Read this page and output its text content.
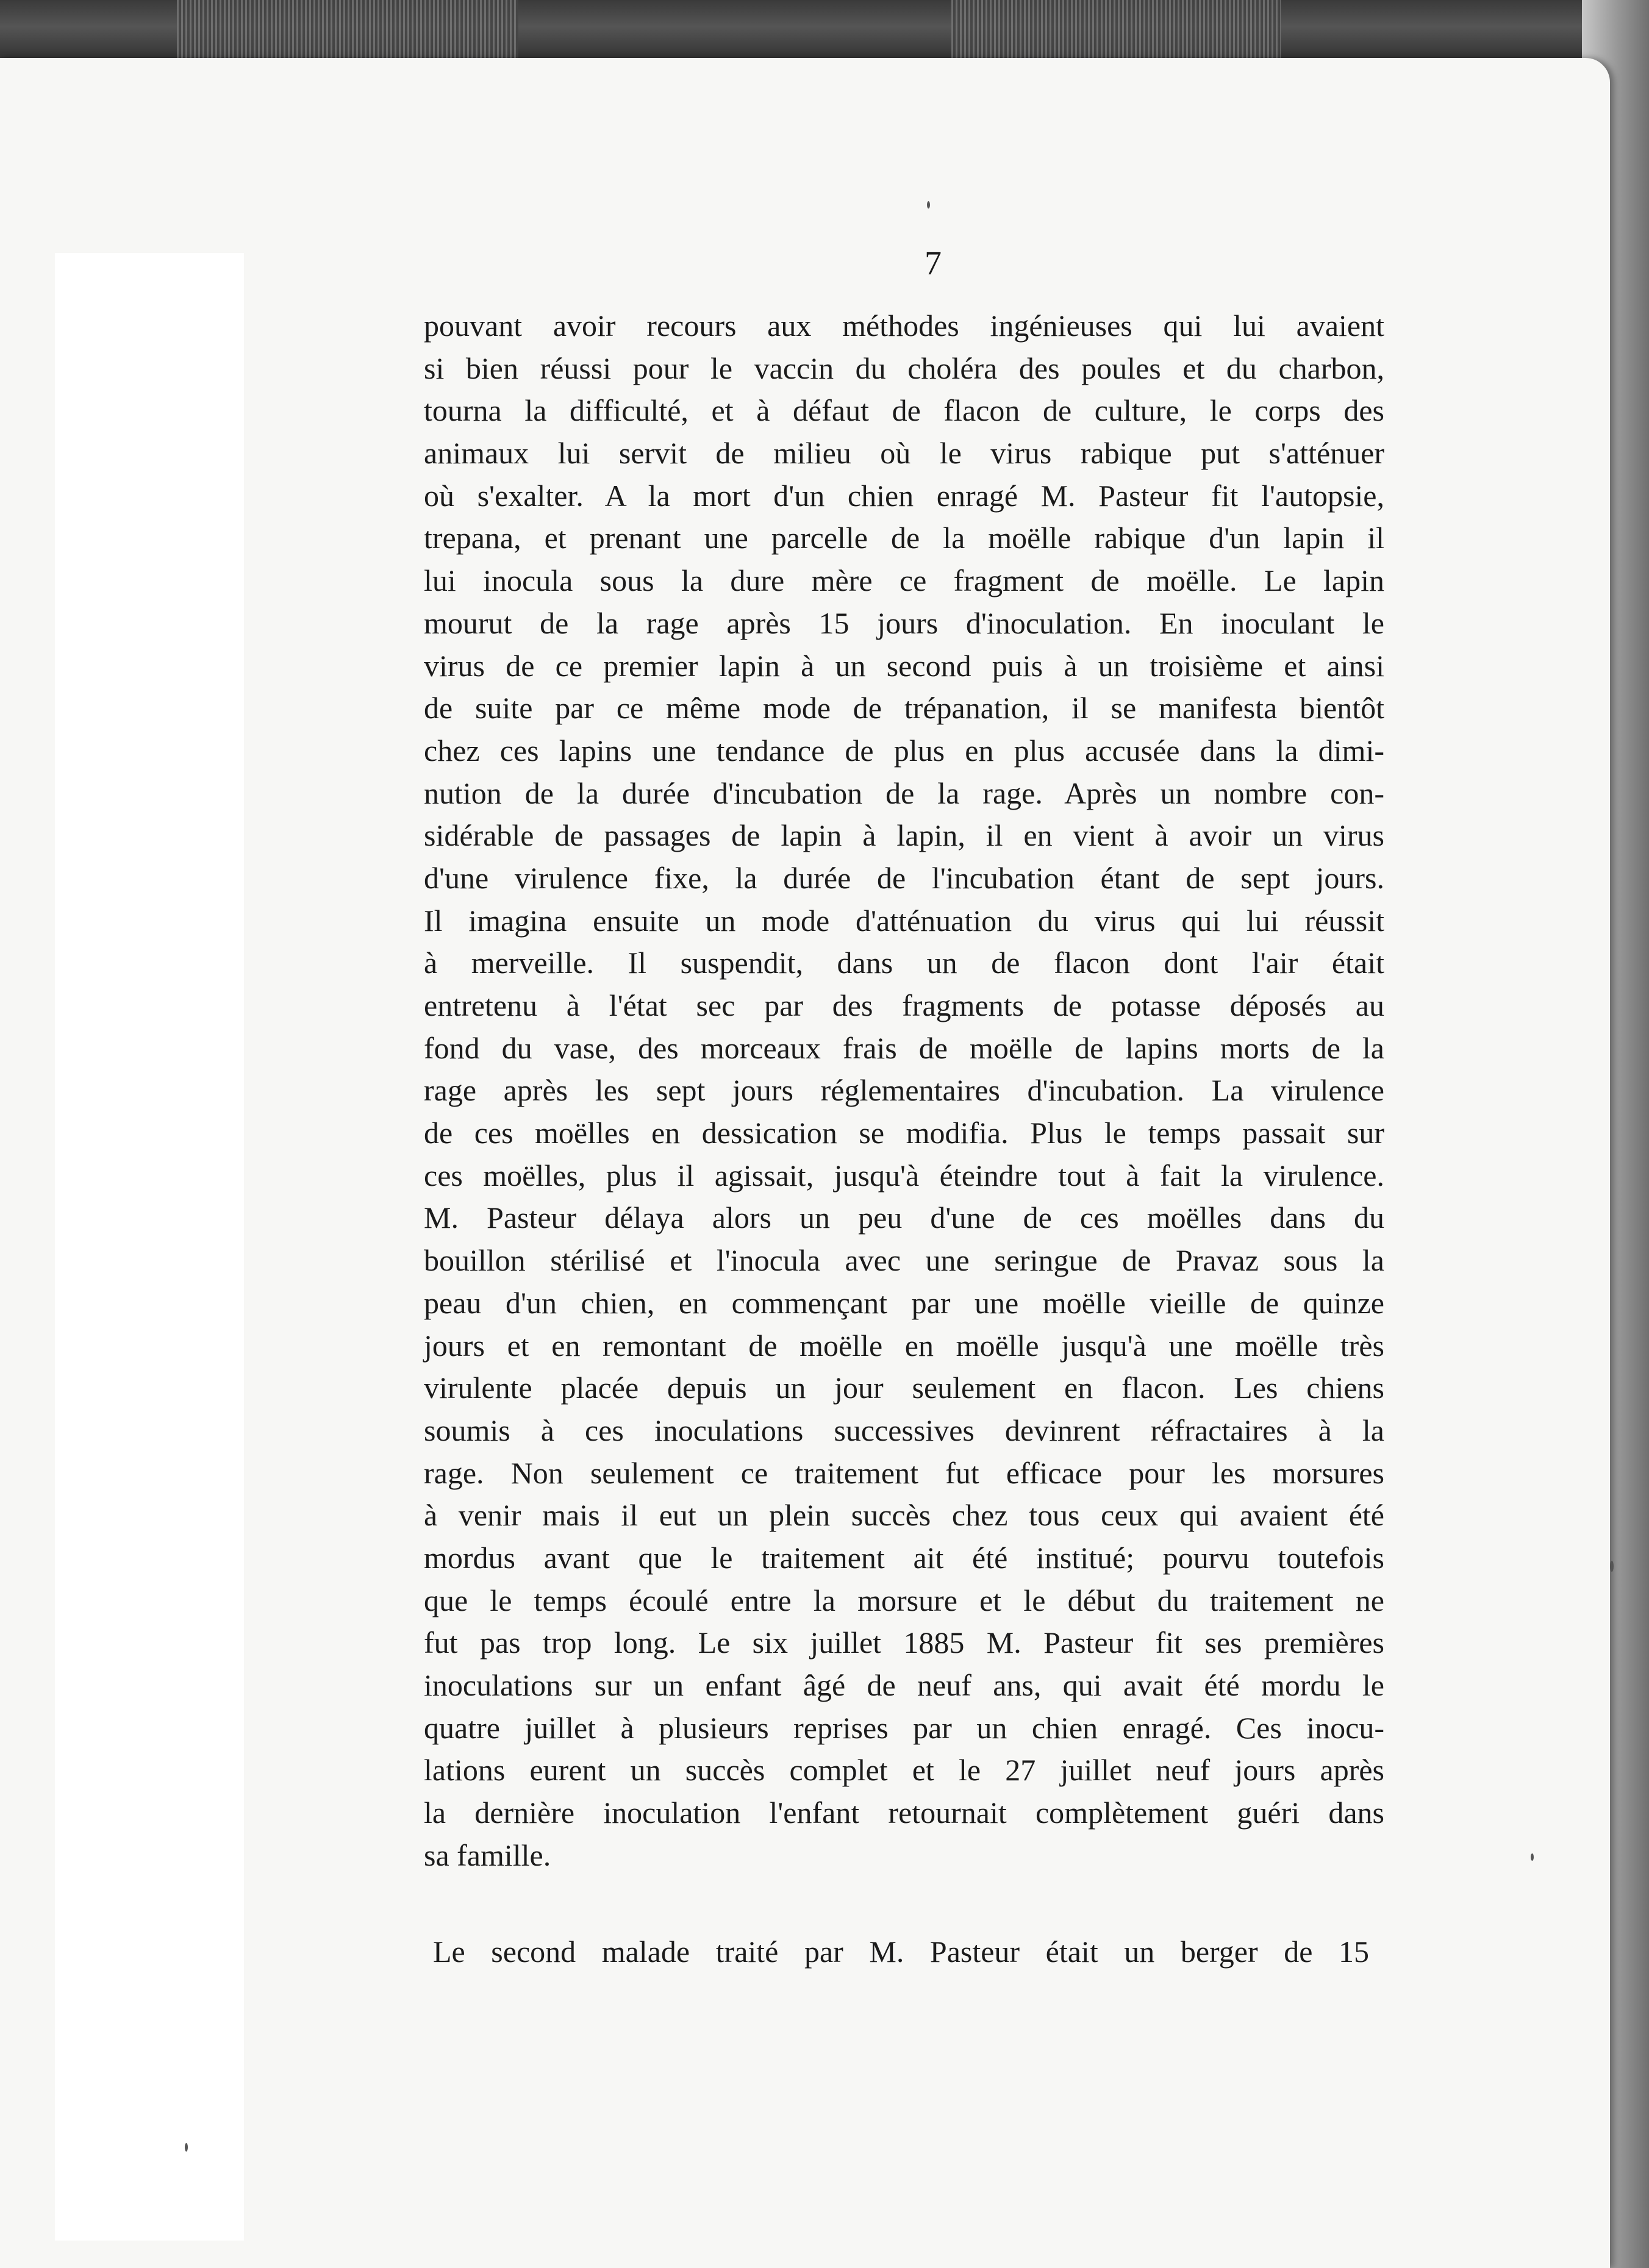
7
pouvant avoir recours aux méthodes ingénieuses qui lui avaient
si bien réussi pour le vaccin du choléra des poules et du charbon,
tourna la difficulté, et à défaut de flacon de culture, le corps des
animaux lui servit de milieu où le virus rabique put s'atténuer
où s'exalter. A la mort d'un chien enragé M. Pasteur fit l'autopsie,
trepana, et prenant une parcelle de la moëlle rabique d'un lapin il
lui inocula sous la dure mère ce fragment de moëlle. Le lapin
mourut de la rage après 15 jours d'inoculation. En inoculant le
virus de ce premier lapin à un second puis à un troisième et ainsi
de suite par ce même mode de trépanation, il se manifesta bientôt
chez ces lapins une tendance de plus en plus accusée dans la dimi-
nution de la durée d'incubation de la rage. Après un nombre con-
sidérable de passages de lapin à lapin, il en vient à avoir un virus
d'une virulence fixe, la durée de l'incubation étant de sept jours.
Il imagina ensuite un mode d'atténuation du virus qui lui réussit
à merveille. Il suspendit, dans un de flacon dont l'air était
entretenu à l'état sec par des fragments de potasse déposés au
fond du vase, des morceaux frais de moëlle de lapins morts de la
rage après les sept jours réglementaires d'incubation. La virulence
de ces moëlles en dessication se modifia. Plus le temps passait sur
ces moëlles, plus il agissait, jusqu'à éteindre tout à fait la virulence.
M. Pasteur délaya alors un peu d'une de ces moëlles dans du
bouillon stérilisé et l'inocula avec une seringue de Pravaz sous la
peau d'un chien, en commençant par une moëlle vieille de quinze
jours et en remontant de moëlle en moëlle jusqu'à une moëlle très
virulente placée depuis un jour seulement en flacon. Les chiens
soumis à ces inoculations successives devinrent réfractaires à la
rage. Non seulement ce traitement fut efficace pour les morsures
à venir mais il eut un plein succès chez tous ceux qui avaient été
mordus avant que le traitement ait été institué; pourvu toutefois
que le temps écoulé entre la morsure et le début du traitement ne
fut pas trop long. Le six juillet 1885 M. Pasteur fit ses premières
inoculations sur un enfant âgé de neuf ans, qui avait été mordu le
quatre juillet à plusieurs reprises par un chien enragé. Ces inocu-
lations eurent un succès complet et le 27 juillet neuf jours après
la dernière inoculation l'enfant retournait complètement guéri dans
sa famille.
Le second malade traité par M. Pasteur était un berger de 15
